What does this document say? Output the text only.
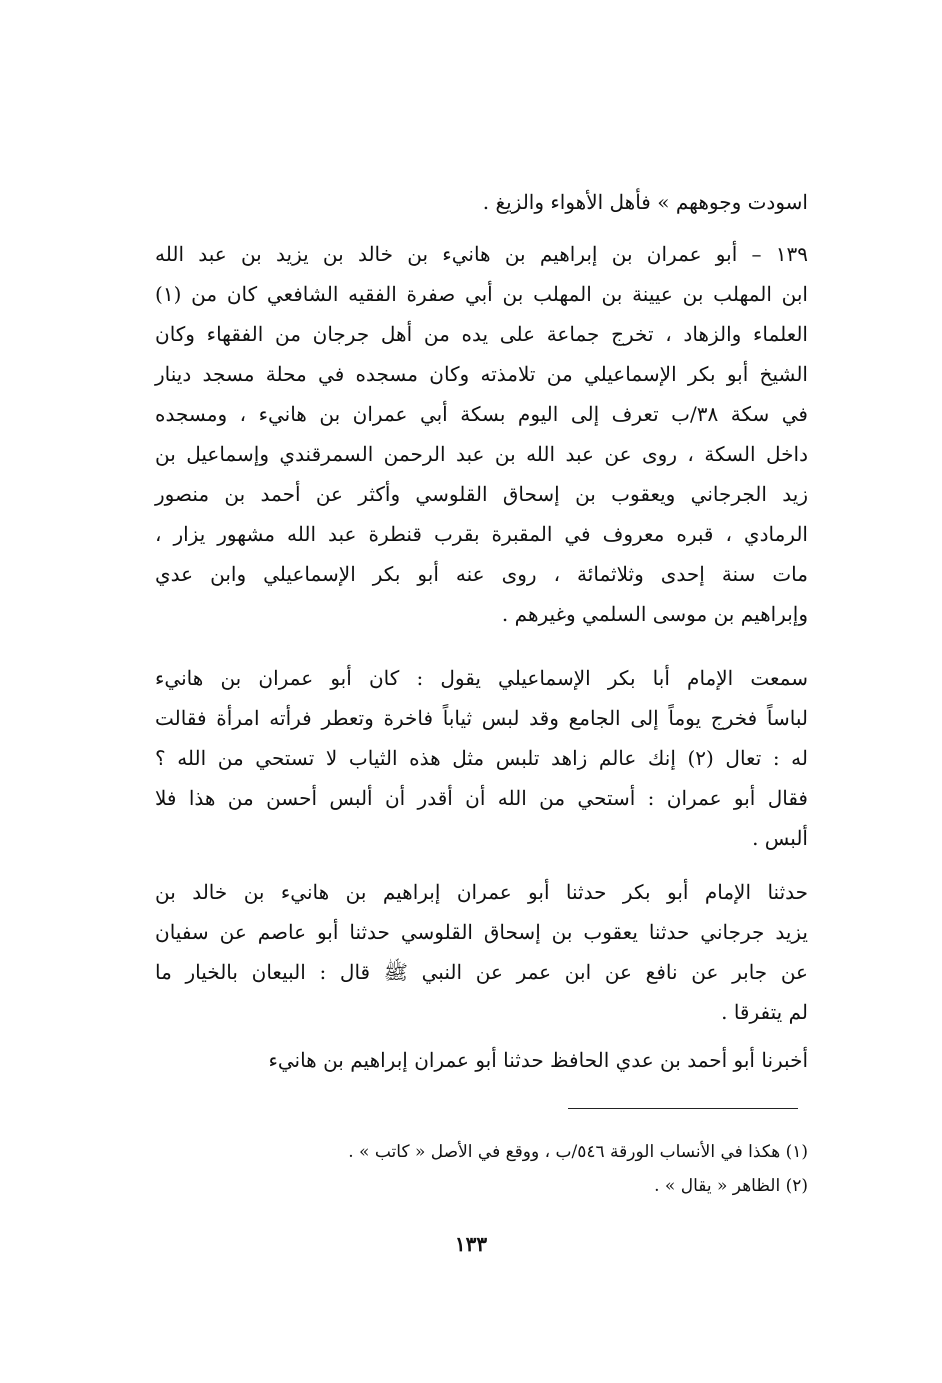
اسودت وجوههم » فأهل الأهواء والزيغ .
١٣٩ – أبو عمران بن إبراهيم بن هانيء بن خالد بن يزيد بن عبد الله
ابن المهلب بن عيينة بن المهلب بن أبي صفرة الفقيه الشافعي كان من (١)
العلماء والزهاد ، تخرج جماعة على يده من أهل جرجان من الفقهاء وكان
الشيخ أبو بكر الإسماعيلي من تلامذته وكان مسجده في محلة مسجد دينار
في سكة ٣٨/ب تعرف إلى اليوم بسكة أبي عمران بن هانيء ، ومسجده
داخل السكة ، روى عن عبد الله بن عبد الرحمن السمرقندي وإسماعيل بن
زيد الجرجاني ويعقوب بن إسحاق القلوسي وأكثر عن أحمد بن منصور
الرمادي ، قبره معروف في المقبرة بقرب قنطرة عبد الله مشهور يزار ،
مات سنة إحدى وثلاثمائة ، روى عنه أبو بكر الإسماعيلي وابن عدي
وإبراهيم بن موسى السلمي وغيرهم .
سمعت الإمام أبا بكر الإسماعيلي يقول : كان أبو عمران بن هانيء
لباساً فخرج يوماً إلى الجامع وقد لبس ثياباً فاخرة وتعطر فرأته امرأة فقالت
له : تعال (٢) إنك عالم زاهد تلبس مثل هذه الثياب لا تستحي من الله ؟
فقال أبو عمران : أستحي من الله أن أقدر أن ألبس أحسن من هذا فلا
ألبس .
حدثنا الإمام أبو بكر حدثنا أبو عمران إبراهيم بن هانيء بن خالد بن
يزيد جرجاني حدثنا يعقوب بن إسحاق القلوسي حدثنا أبو عاصم عن سفيان
عن جابر عن نافع عن ابن عمر عن النبي ﷺ قال : البيعان بالخيار ما
لم يتفرقا .
أخبرنا أبو أحمد بن عدي الحافظ حدثنا أبو عمران إبراهيم بن هانيء
(١) هكذا في الأنساب الورقة ٥٤٦/ب ، ووقع في الأصل « كاتب » .
(٢) الظاهر « يقال » .
١٣٣
